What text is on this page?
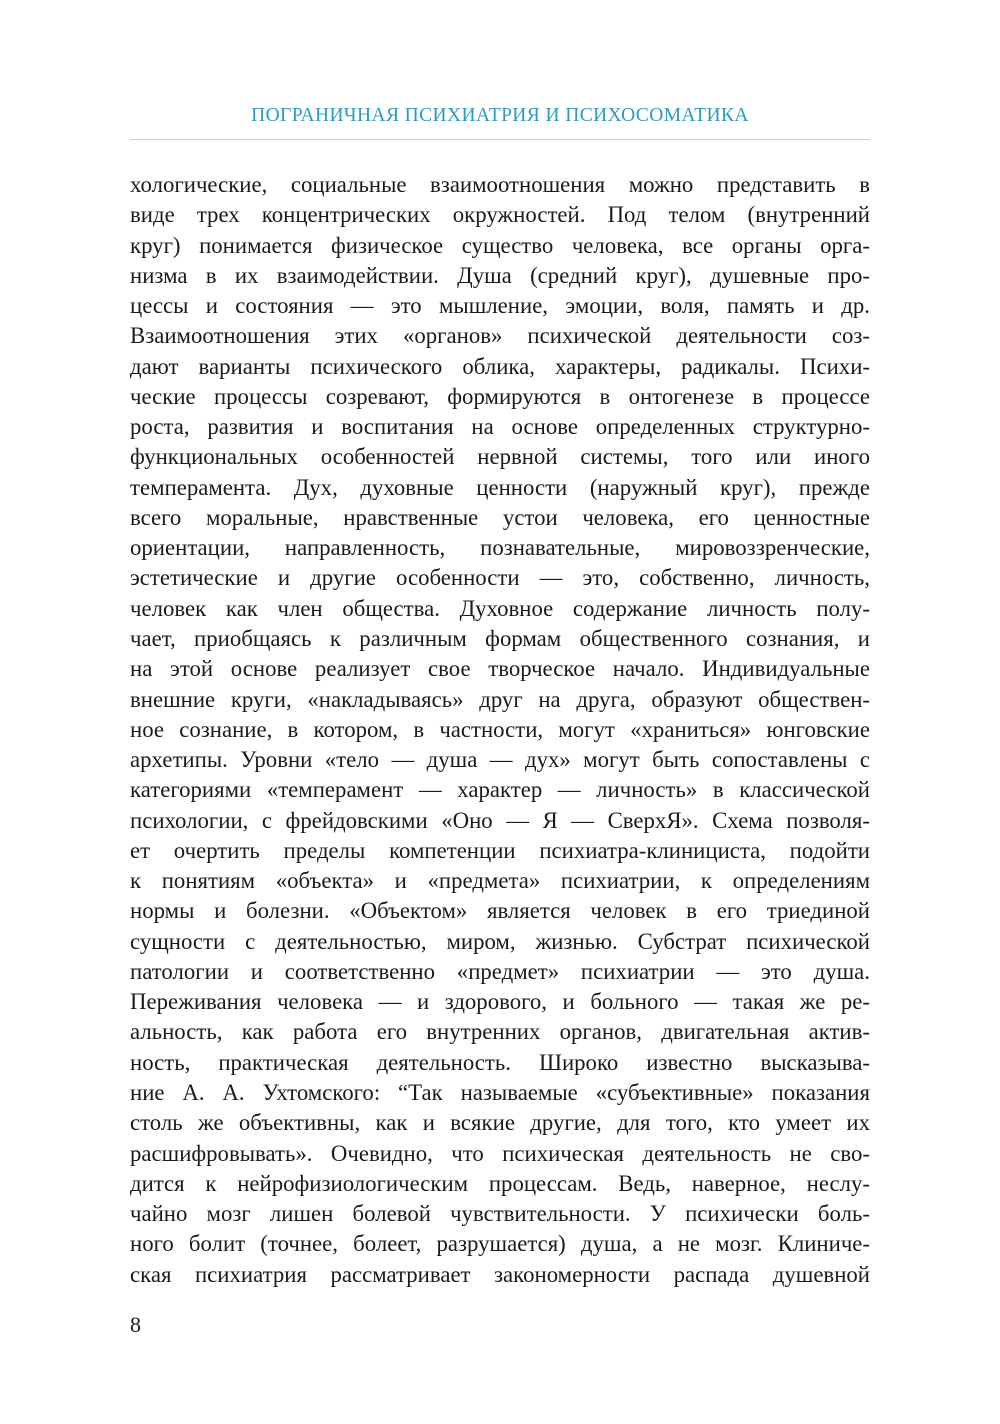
ПОГРАНИЧНАЯ ПСИХИАТРИЯ И ПСИХОСОМАТИКА
хологические, социальные взаимоотношения можно представить в
виде трех концентрических окружностей. Под телом (внутренний
круг) понимается физическое существо человека, все органы орга-
низма в их взаимодействии. Душа (средний круг), душевные про-
цессы и состояния — это мышление, эмоции, воля, память и др.
Взаимоотношения этих «органов» психической деятельности соз-
дают варианты психического облика, характеры, радикалы. Психи-
ческие процессы созревают, формируются в онтогенезе в процессе
роста, развития и воспитания на основе определенных структурно-
функциональных особенностей нервной системы, того или иного
темперамента. Дух, духовные ценности (наружный круг), прежде
всего моральные, нравственные устои человека, его ценностные
ориентации, направленность, познавательные, мировоззренческие,
эстетические и другие особенности — это, собственно, личность,
человек как член общества. Духовное содержание личность полу-
чает, приобщаясь к различным формам общественного сознания, и
на этой основе реализует свое творческое начало. Индивидуальные
внешние круги, «накладываясь» друг на друга, образуют обществен-
ное сознание, в котором, в частности, могут «храниться» юнговские
архетипы. Уровни «тело — душа — дух» могут быть сопоставлены с
категориями «темперамент — характер — личность» в классической
психологии, с фрейдовскими «Оно — Я — СверхЯ». Схема позволя-
ет очертить пределы компетенции психиатра-клинициста, подойти
к понятиям «объекта» и «предмета» психиатрии, к определениям
нормы и болезни. «Объектом» является человек в его триединой
сущности с деятельностью, миром, жизнью. Субстрат психической
патологии и соответственно «предмет» психиатрии — это душа.
Переживания человека — и здорового, и больного — такая же ре-
альность, как работа его внутренних органов, двигательная актив-
ность, практическая деятельность. Широко известно высказыва-
ние А. А. Ухтомского: “Так называемые «субъективные» показания
столь же объективны, как и всякие другие, для того, кто умеет их
расшифровывать». Очевидно, что психическая деятельность не сво-
дится к нейрофизиологическим процессам. Ведь, наверное, неслу-
чайно мозг лишен болевой чувствительности. У психически боль-
ного болит (точнее, болеет, разрушается) душа, а не мозг. Клиниче-
ская психиатрия рассматривает закономерности распада душевной
8
